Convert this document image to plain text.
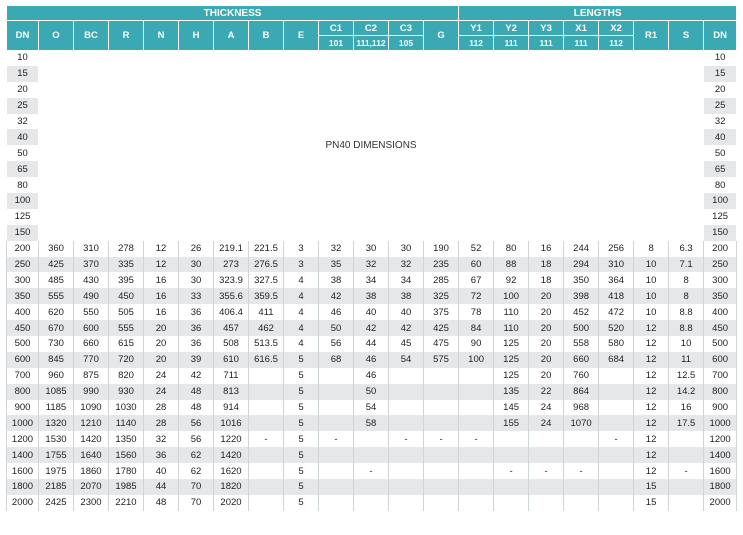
THICKNESS													LENGTHS							
DN	O	BC	R	N	H	A	B	E	C1	C2	C3	G	Y1	Y2	Y3	X1	X2	R1	S	DN
									101	111,112	105		112	111	111	111	112			
10	PN40 DIMENSIONS																			10
15																				15
20																				20
25																				25
32																				32
40																				40
50																				50
65																				65
80																				80
100																				100
125																				125
150																				150
200	360	310	278	12	26	219.1	221.5	3	32	30	30	190	52	80	16	244	256	8	6.3	200
250	425	370	335	12	30	273	276.5	3	35	32	32	235	60	88	18	294	310	10	7.1	250
300	485	430	395	16	30	323.9	327.5	4	38	34	34	285	67	92	18	350	364	10	8	300
350	555	490	450	16	33	355.6	359.5	4	42	38	38	325	72	100	20	398	418	10	8	350
400	620	550	505	16	36	406.4	411	4	46	40	40	375	78	110	20	452	472	10	8.8	400
450	670	600	555	20	36	457	462	4	50	42	42	425	84	110	20	500	520	12	8.8	450
500	730	660	615	20	36	508	513.5	4	56	44	45	475	90	125	20	558	580	12	10	500
600	845	770	720	20	39	610	616.5	5	68	46	54	575	100	125	20	660	684	12	11	600
700	960	875	820	24	42	711		5		46				125	20	760		12	12.5	700
800	1085	990	930	24	48	813		5		50				135	22	864		12	14.2	800
900	1185	1090	1030	28	48	914		5		54				145	24	968		12	16	900
1000	1320	1210	1140	28	56	1016		5		58				155	24	1070		12	17.5	1000
1200	1530	1420	1350	32	56	1220	-	5	-		-	-	-				-	12		1200
1400	1755	1640	1560	36	62	1420		5										12		1400
1600	1975	1860	1780	40	62	1620		5		-				-	-	-		12	-	1600
1800	2185	2070	1985	44	70	1820		5										15		1800
2000	2425	2300	2210	48	70	2020		5										15		2000
